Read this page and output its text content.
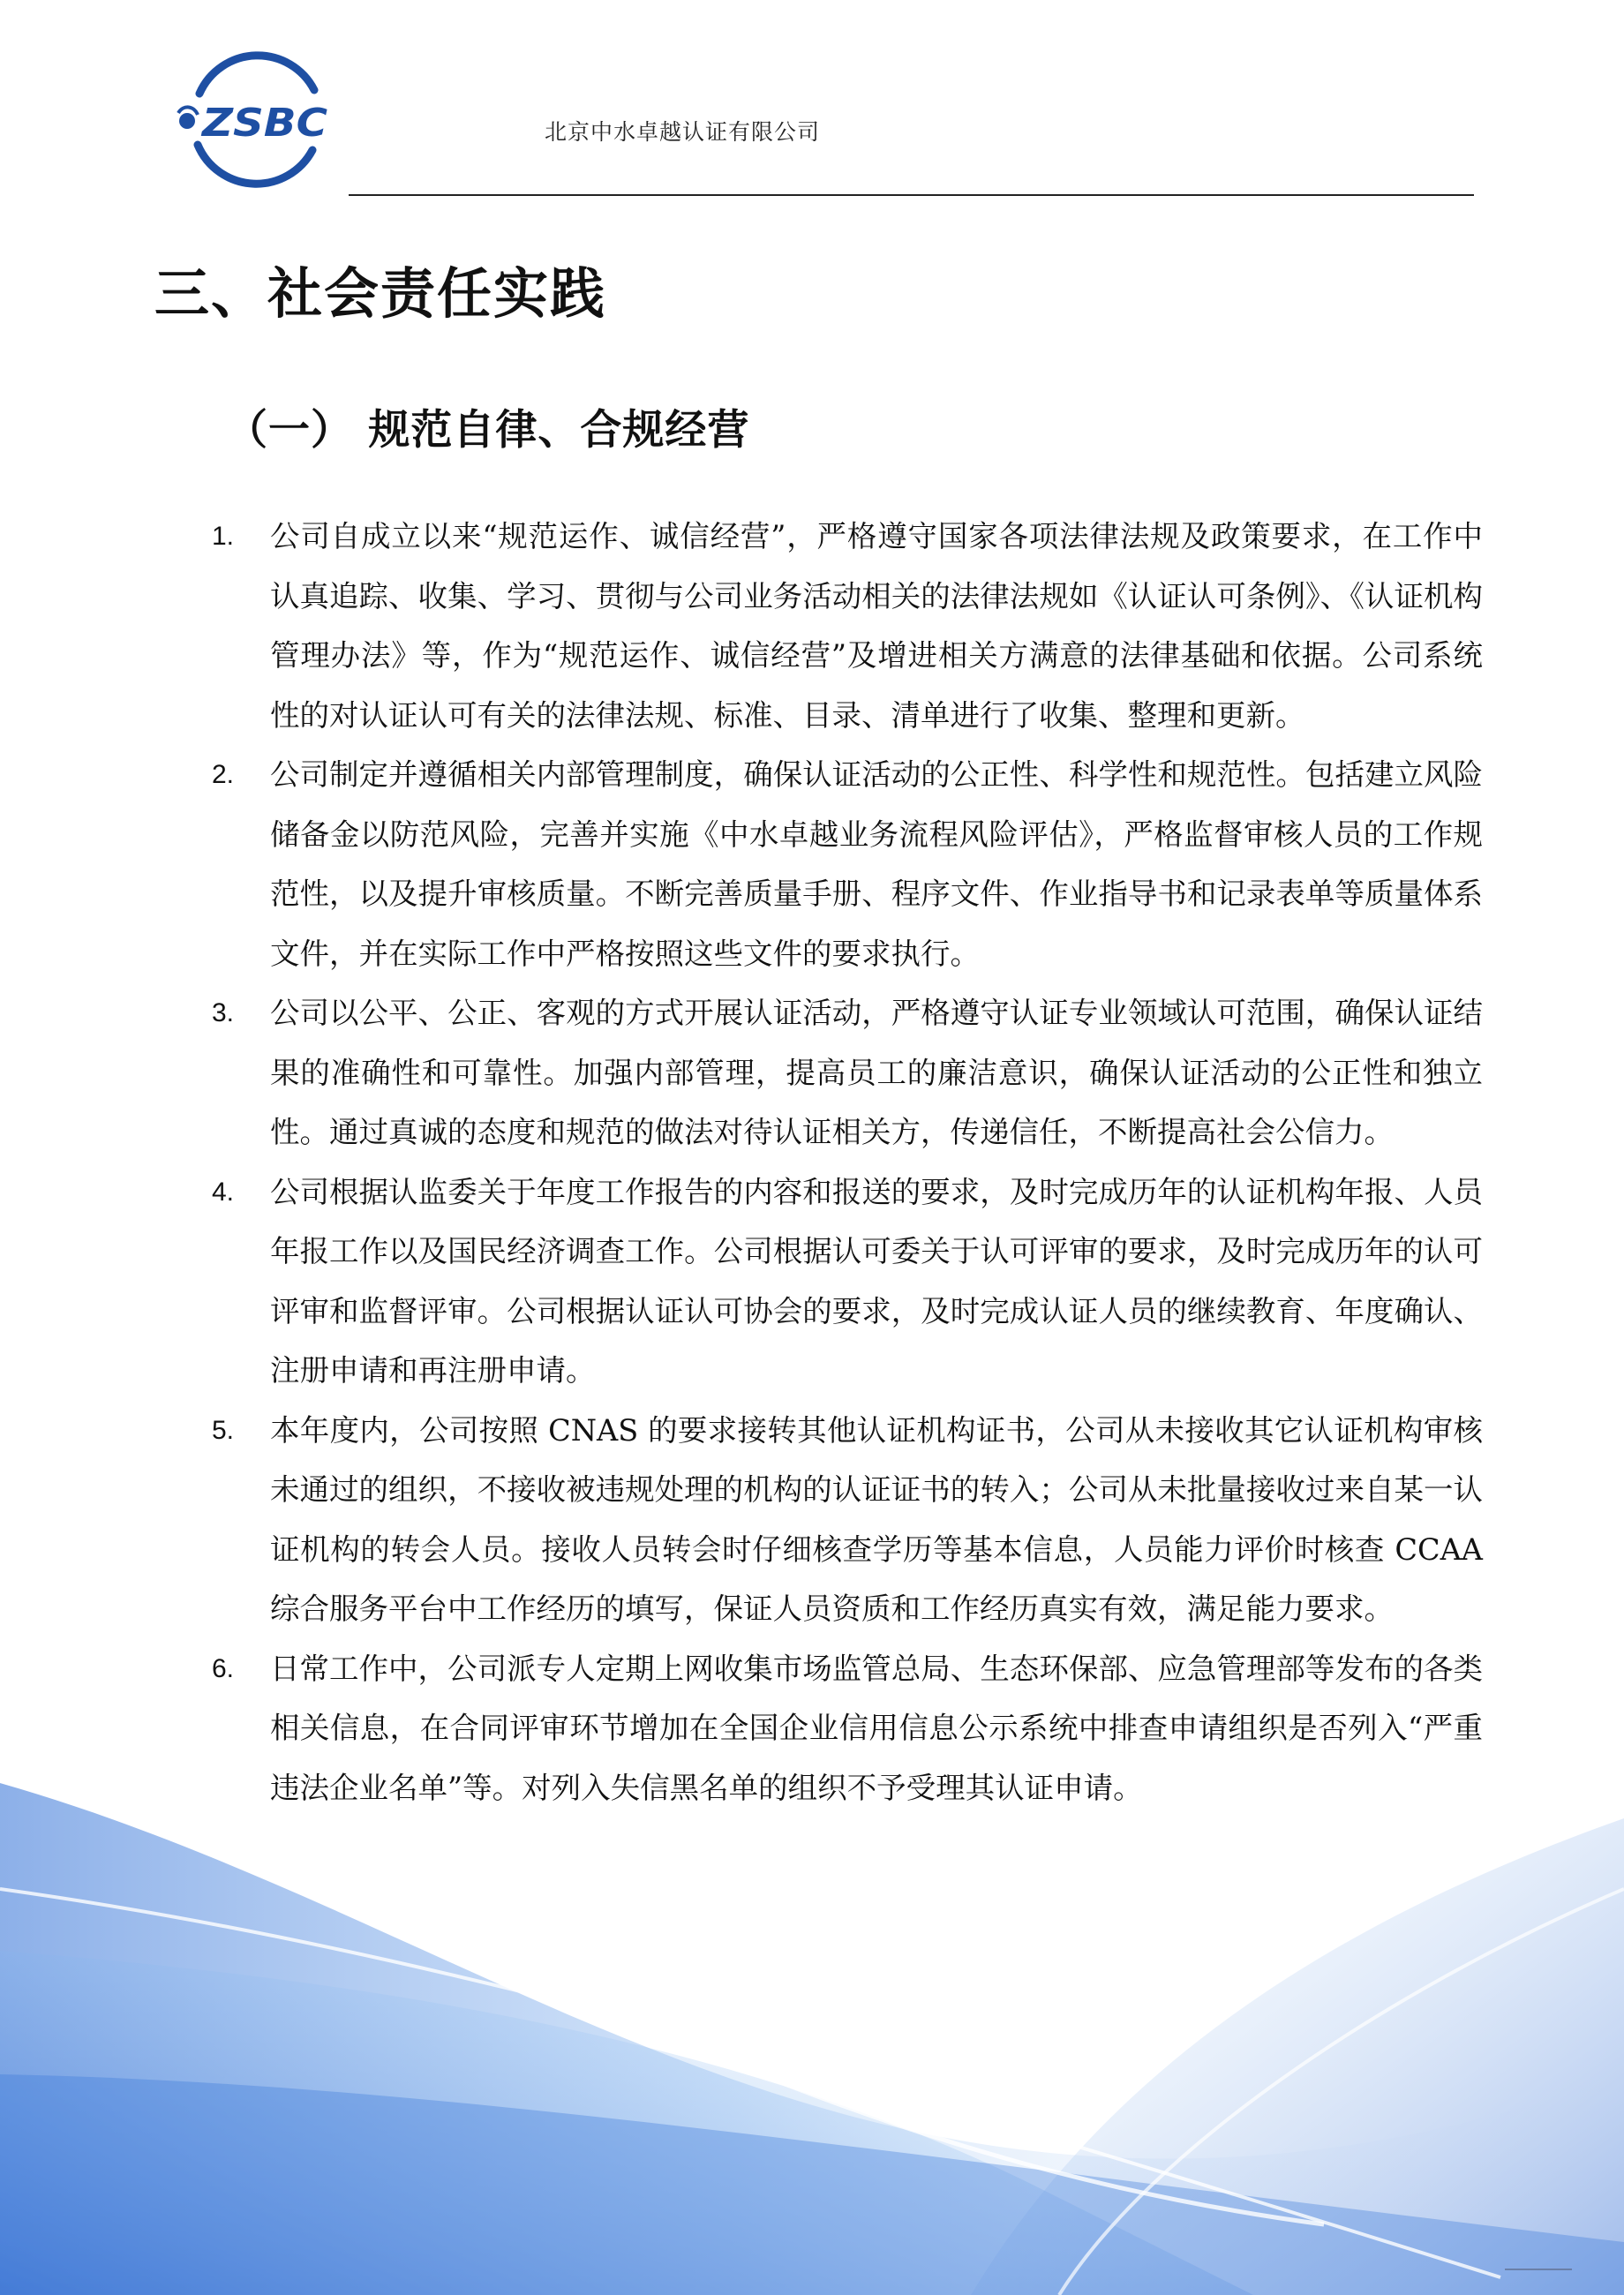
ZSBC	北京中水卓越认证有限公司
三、社会责任实践
（一） 规范自律、合规经营
1. 公司自成立以来“规范运作、诚信经营”，严格遵守国家各项法律法规及政策要求，在工作中认真追踪、收集、学习、贯彻与公司业务活动相关的法律法规如《认证认可条例》、《认证机构管理办法》等，作为“规范运作、诚信经营”及增进相关方满意的法律基础和依据。公司系统性的对认证认可有关的法律法规、标准、目录、清单进行了收集、整理和更新。
2. 公司制定并遵循相关内部管理制度，确保认证活动的公正性、科学性和规范性。包括建立风险储备金以防范风险，完善并实施《中水卓越业务流程风险评估》，严格监督审核人员的工作规范性，以及提升审核质量。不断完善质量手册、程序文件、作业指导书和记录表单等质量体系文件，并在实际工作中严格按照这些文件的要求执行。
3. 公司以公平、公正、客观的方式开展认证活动，严格遵守认证专业领域认可范围，确保认证结果的准确性和可靠性。加强内部管理，提高员工的廉洁意识，确保认证活动的公正性和独立性。通过真诚的态度和规范的做法对待认证相关方，传递信任，不断提高社会公信力。
4. 公司根据认监委关于年度工作报告的内容和报送的要求，及时完成历年的认证机构年报、人员年报工作以及国民经济调查工作。公司根据认可委关于认可评审的要求，及时完成历年的认可评审和监督评审。公司根据认证认可协会的要求，及时完成认证人员的继续教育、年度确认、注册申请和再注册申请。
5. 本年度内，公司按照 CNAS 的要求接转其他认证机构证书，公司从未接收其它认证机构审核未通过的组织，不接收被违规处理的机构的认证证书的转入；公司从未批量接收过来自某一认证机构的转会人员。接收人员转会时仔细核查学历等基本信息，人员能力评价时核查 CCAA 综合服务平台中工作经历的填写，保证人员资质和工作经历真实有效，满足能力要求。
6. 日常工作中，公司派专人定期上网收集市场监管总局、生态环保部、应急管理部等发布的各类相关信息，在合同评审环节增加在全国企业信用信息公示系统中排查申请组织是否列入“严重违法企业名单”等。对列入失信黑名单的组织不予受理其认证申请。
